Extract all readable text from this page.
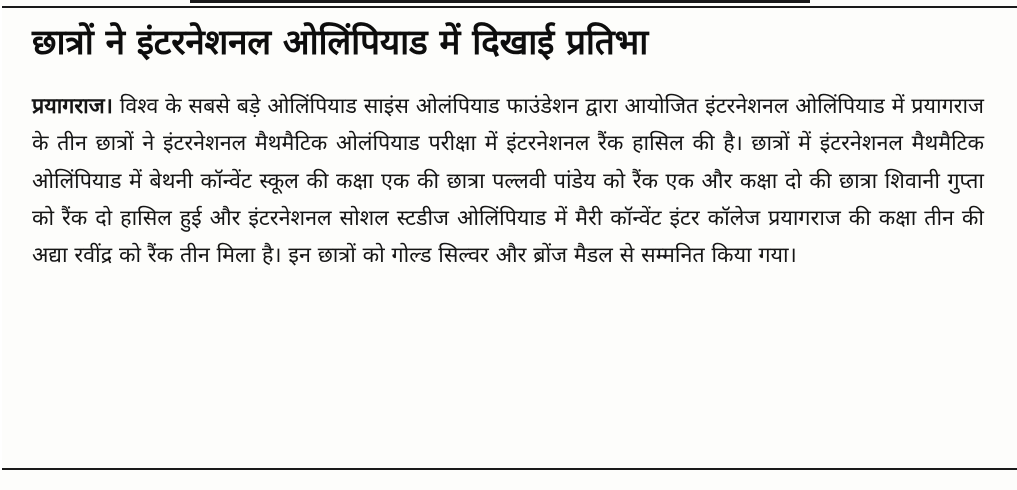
छात्रों ने इंटरनेशनल ओलिंपियाड में दिखाई प्रतिभा

प्रयागराज। विश्व के सबसे बड़े ओलिंपियाड साइंस ओलंपियाड फाउंडेशन द्वारा आयोजित इंटरनेशनल ओलिंपियाड में प्रयागराज के तीन छात्रों ने इंटरनेशनल मैथमैटिक ओलंपियाड परीक्षा में इंटरनेशनल रैंक हासिल की है। छात्रों में इंटरनेशनल मैथमैटिक ओलिंपियाड में बेथनी कॉन्वेंट स्कूल की कक्षा एक की छात्रा पल्लवी पांडेय को रैंक एक और कक्षा दो की छात्रा शिवानी गुप्ता को रैंक दो हासिल हुई और इंटरनेशनल सोशल स्टडीज ओलिंपियाड में मैरी कॉन्वेंट इंटर कॉलेज प्रयागराज की कक्षा तीन की अद्या रवींद्र को रैंक तीन मिला है। इन छात्रों को गोल्ड सिल्वर और ब्रोंज मैडल से सम्मनित किया गया।
